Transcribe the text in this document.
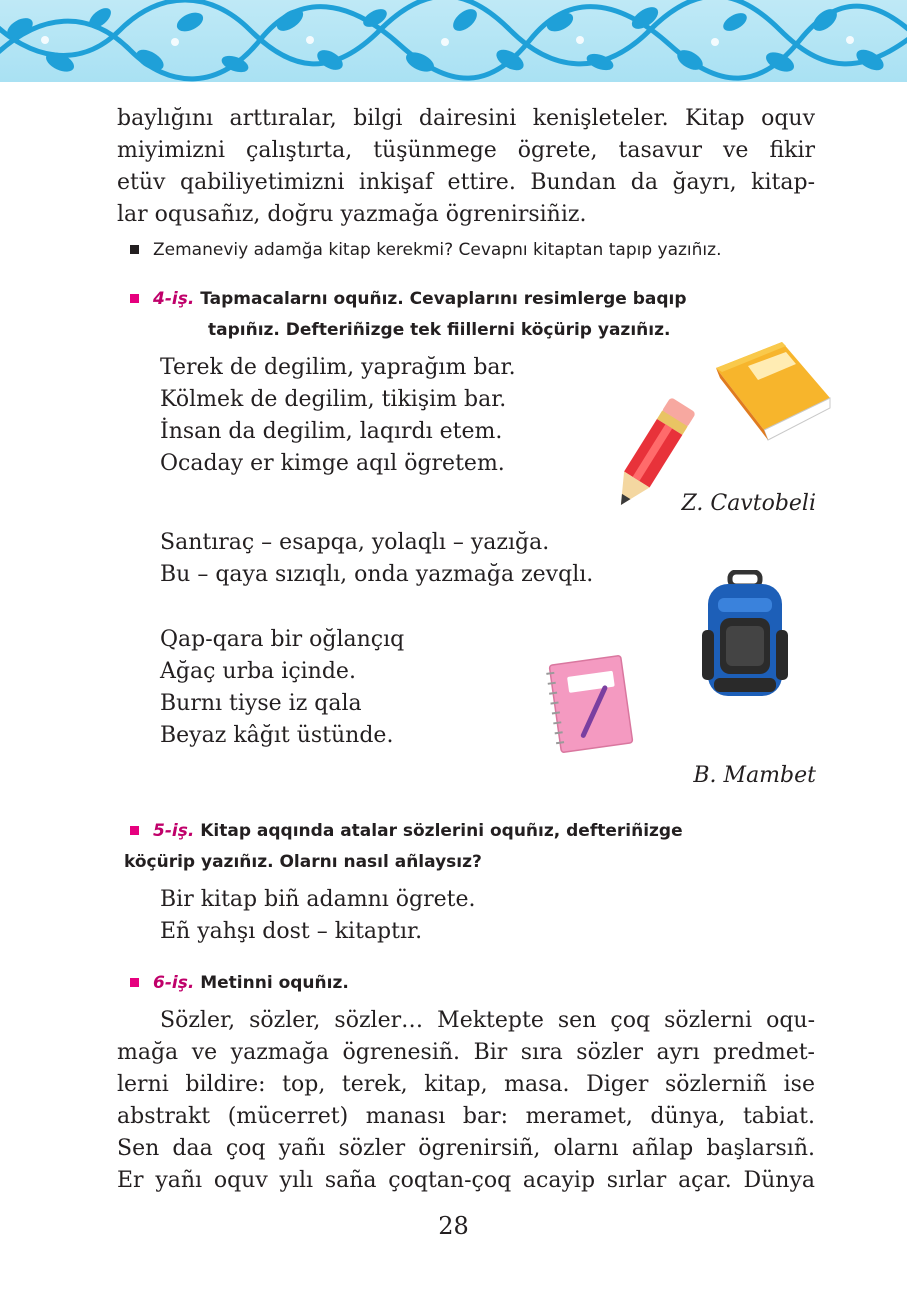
baylığını arttıralar, bilgi dairesini kenişleteler. Kitap oquv
miyimizni çalıştırta, tüşünmege ögrete, tasavur ve fikir
etüv qabiliyetimizni inkişaf ettire. Bundan da ğayrı, kitap-
lar oqusañız, doğru yazmağa ögrenirsiñiz.
Zemaneviy adamğa kitap kerekmi? Cevapnı kitaptan tapıp yazıñız.
4-iş. Tapmacalarnı oquñız. Cevaplarını resimlerge baqıp
tapıñız. Defteriñizge tek fiillerni köçürip yazıñız.
Terek de degilim, yaprağım bar.
Kölmek de degilim, tikişim bar.
İnsan da degilim, laqırdı etem.
Ocaday er kimge aqıl ögretem.
Z. Cavtobeli
Santıraç – esapqa, yolaqlı – yazığa.
Bu – qaya sızıqlı, onda yazmağa zevqlı.
Qap-qara bir oğlançıq
Ağaç urba içinde.
Burnı tiyse iz qala
Beyaz kâğıt üstünde.
B. Mambet
5-iş. Kitap aqqında atalar sözlerini oquñız, defteriñizge
köçürip yazıñız. Olarnı nasıl añlaysız?
Bir kitap biñ adamnı ögrete.
Eñ yahşı dost – kitaptır.
6-iş. Metinni oquñız.
Sözler, sözler, sözler… Mektepte sen çoq sözlerni oqu-
mağa ve yazmağa ögrenesiñ. Bir sıra sözler ayrı predmet-
lerni bildire: top, terek, kitap, masa. Diger sözlerniñ ise
abstrakt (mücerret) manası bar: meramet, dünya, tabiat.
Sen daa çoq yañı sözler ögrenirsiñ, olarnı añlap başlarsıñ.
Er yañı oquv yılı saña çoqtan-çoq acayip sırlar açar. Dünya
28
